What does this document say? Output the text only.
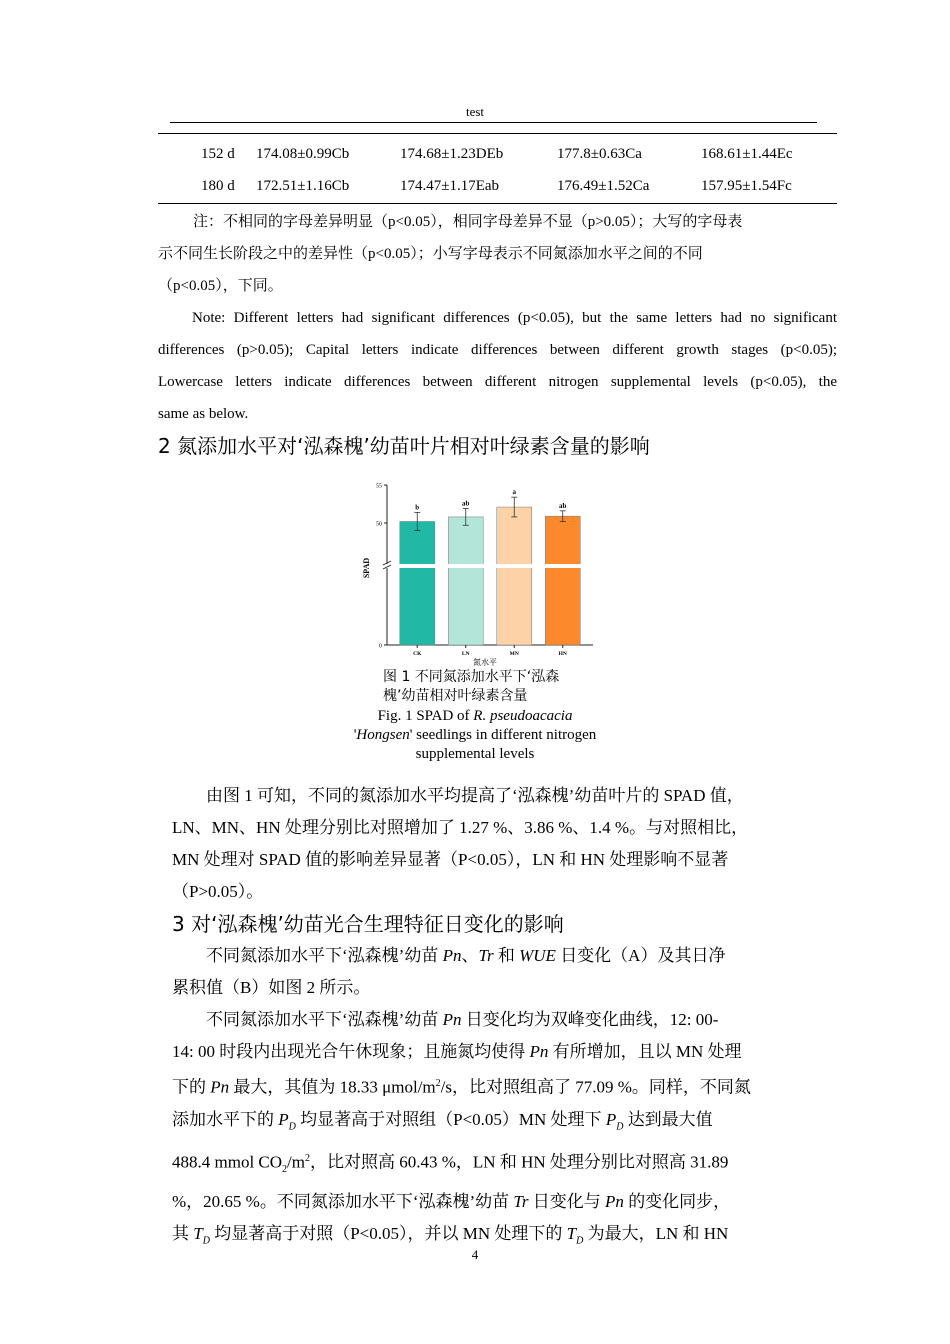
test
152 d 174.08±0.99Cb	174.68±1.23DEb	177.8±0.63Ca	168.61±1.44Ec
180 d 172.51±1.16Cb	174.47±1.17Eab	176.49±1.52Ca	157.95±1.54Fc

注：不相同的字母差异明显（p<0.05），相同字母差异不显（p>0.05）；大写的字母表

示不同生长阶段之中的差异性（p<0.05）；小写字母表示不同氮添加水平之间的不同

（p<0.05），下同。

Note: Different letters had significant differences (p<0.05), but the same letters had no significant

differences (p>0.05); Capital letters indicate differences between different growth stages (p<0.05);

Lowercase letters indicate differences between different nitrogen supplemental levels (p<0.05), the

same as below.

2 氮添加水平对‘泓森槐’幼苗叶片相对叶绿素含量的影响
SPAD
0
50
55
b
CK
ab
LN
a
MN
ab
HN
氮水平
图 1 不同氮添加水平下‘泓森
槐’幼苗相对叶绿素含量
Fig. 1 SPAD of R. pseudoacacia
'Hongsen' seedlings in different nitrogen
supplemental levels

由图 1 可知，不同的氮添加水平均提高了‘泓森槐’幼苗叶片的 SPAD 值，

LN、MN、HN 处理分别比对照增加了 1.27 %、3.86 %、1.4 %。与对照相比，

MN 处理对 SPAD 值的影响差异显著（P<0.05），LN 和 HN 处理影响不显著

（P>0.05）。

3 对‘泓森槐’幼苗光合生理特征日变化的影响

不同氮添加水平下‘泓森槐’幼苗 Pn、Tr 和 WUE 日变化（A）及其日净

累积值（B）如图 2 所示。

不同氮添加水平下‘泓森槐’幼苗 Pn 日变化均为双峰变化曲线，12: 00-

14: 00 时段内出现光合午休现象；且施氮均使得 Pn 有所增加，且以 MN 处理

下的 Pn 最大，其值为 18.33 μmol/$m^2/s$，比对照组高了 77.09 %。同样，不同氮

添加水平下的 $P_D$ 均显著高于对照组（P<0.05）MN 处理下 $P_D$ 达到最大值

488.4 mmol $CO_2/m^2$，比对照高 60.43 %，LN 和 HN 处理分别比对照高 31.89

%，20.65 %。不同氮添加水平下‘泓森槐’幼苗 Tr 日变化与 Pn 的变化同步，

其 $T_D$ 均显著高于对照（P<0.05），并以 MN 处理下的 $T_D$ 为最大，LN 和 HN

4
